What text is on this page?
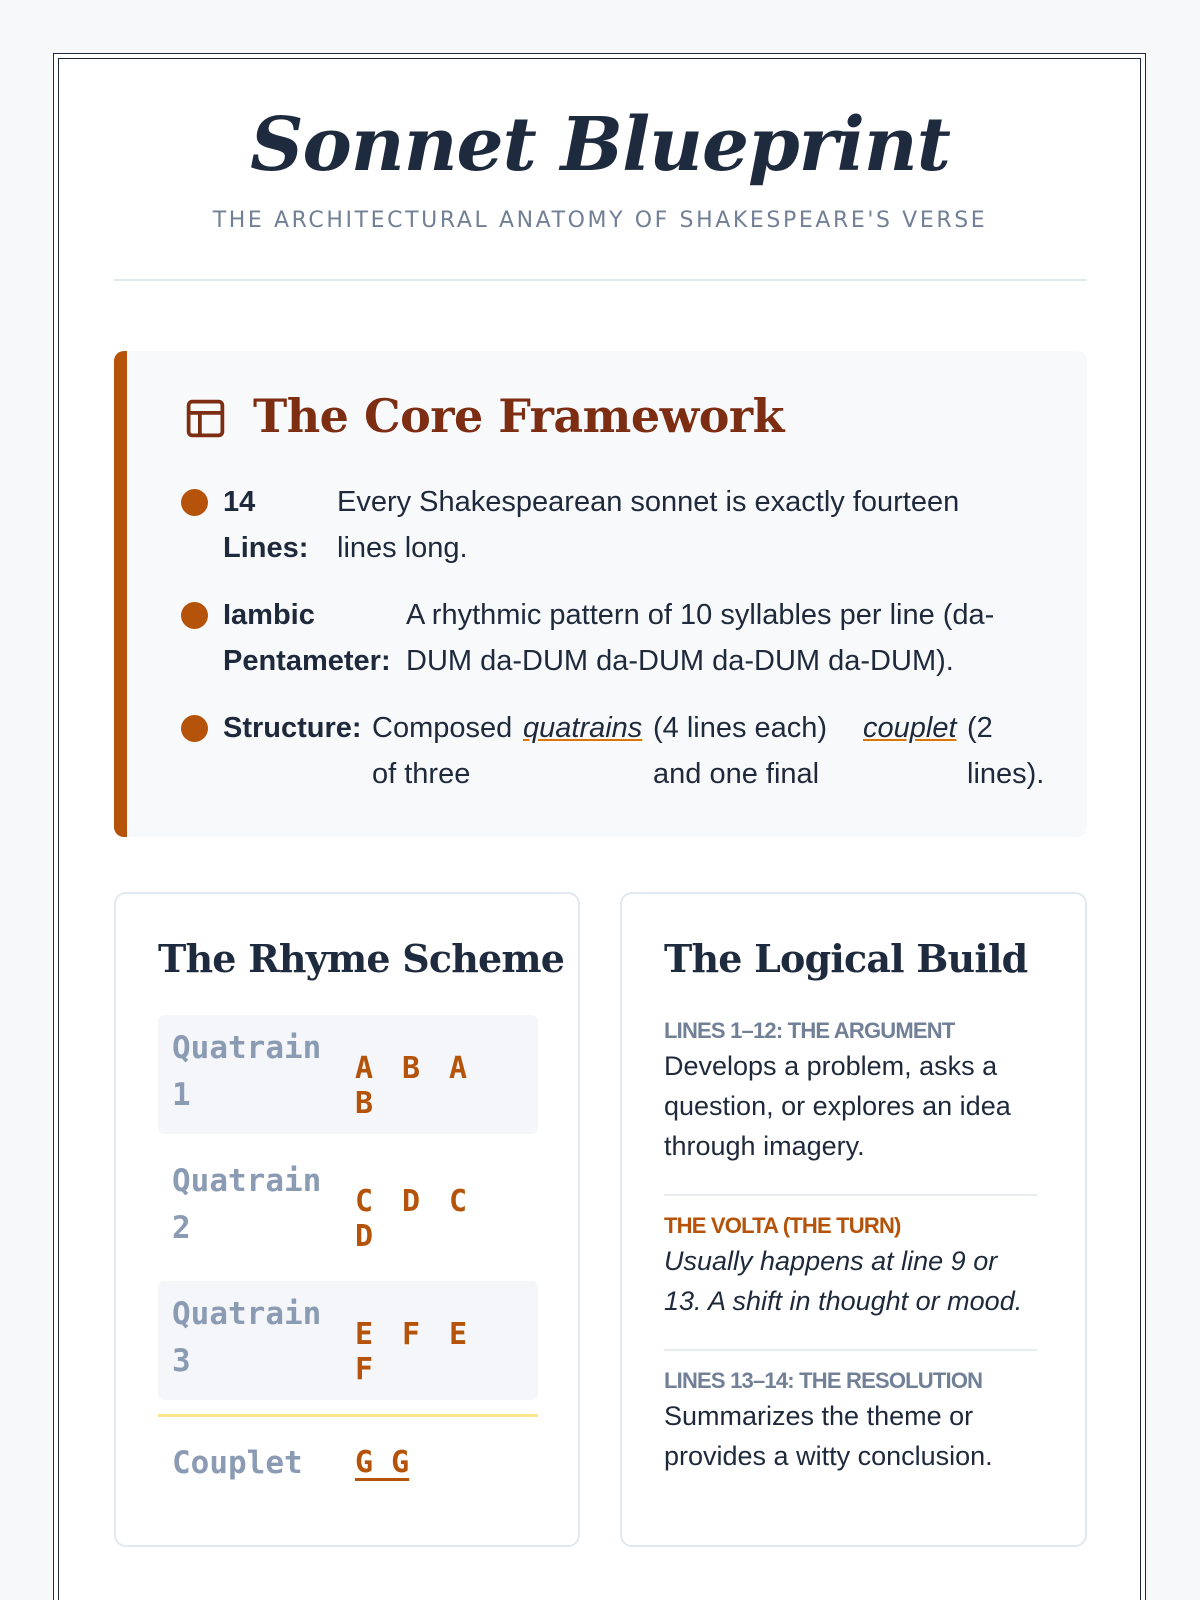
Sonnet Blueprint
THE ARCHITECTURAL ANATOMY OF SHAKESPEARE'S VERSE
The Core Framework
14
Lines:
Every Shakespearean sonnet is exactly fourteen
lines long.
Iambic
Pentameter:
A rhythmic pattern of 10 syllables per line (da-
DUM da-DUM da-DUM da-DUM da-DUM).
Structure: Composed
of three
quatrains (4 lines each)
and one final
couplet (2
lines).
The Rhyme Scheme
Quatrain
1
A B AB
Quatrain
2
C D CD
Quatrain
3
E F EF
Couplet G G
The Logical Build
LINES 1–12: THE ARGUMENT
Develops a problem, asks a
question, or explores an idea
through imagery.
THE VOLTA (THE TURN)
Usually happens at line 9 or
13. A shift in thought or mood.
LINES 13–14: THE RESOLUTION
Summarizes the theme or
provides a witty conclusion.
